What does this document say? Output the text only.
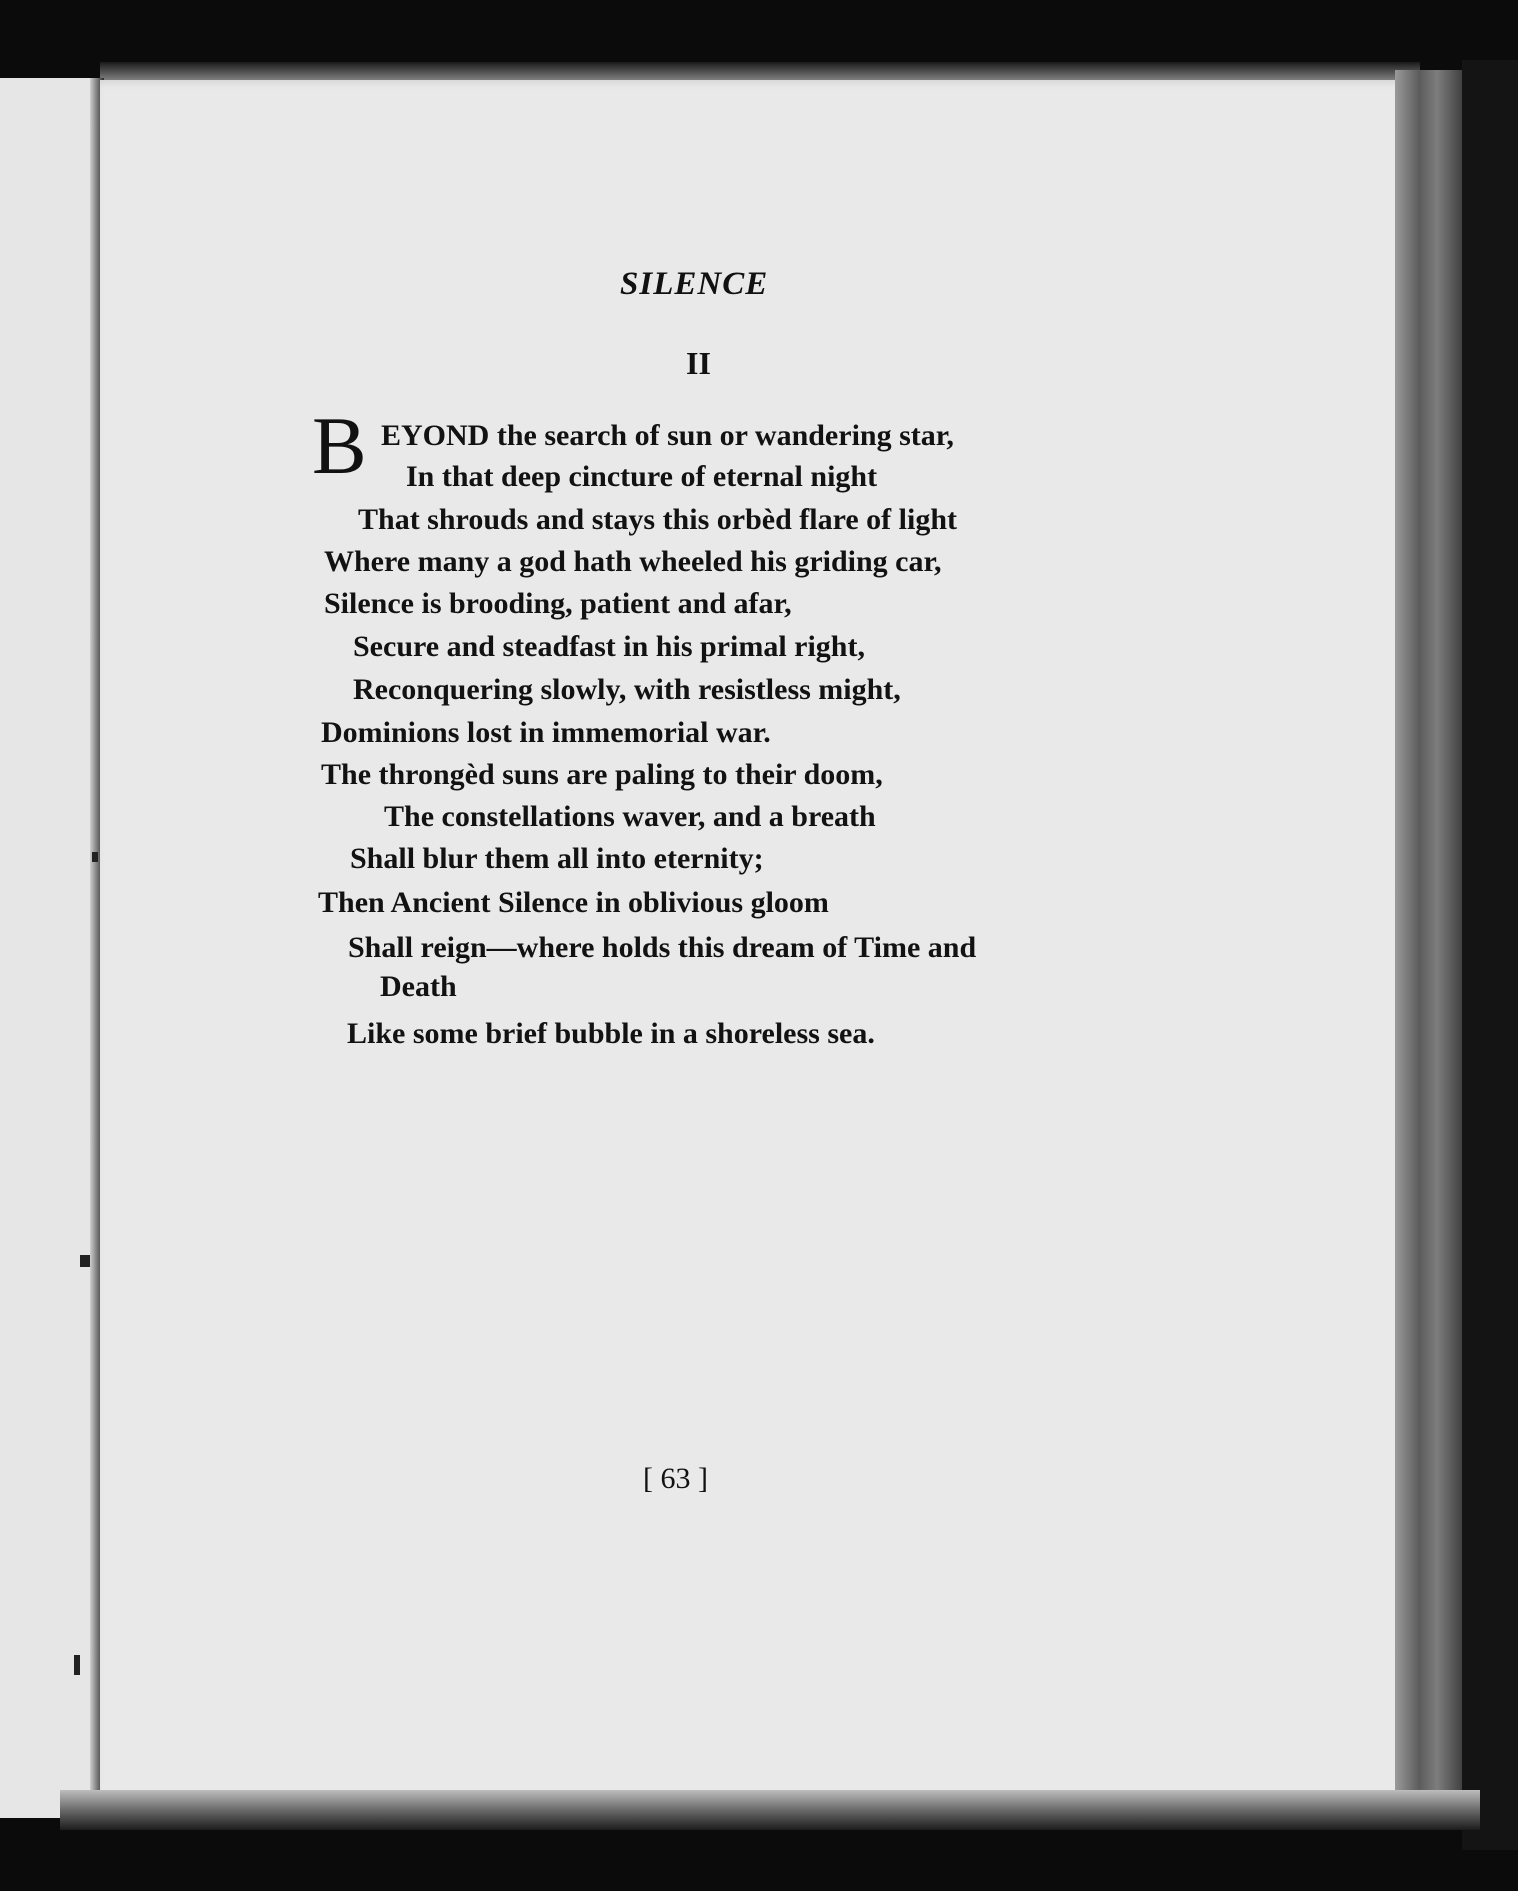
SILENCE
II
B EYOND the search of sun or wandering star,
In that deep cincture of eternal night
That shrouds and stays this orbèd flare of light
Where many a god hath wheeled his griding car,
Silence is brooding, patient and afar,
Secure and steadfast in his primal right,
Reconquering slowly, with resistless might,
Dominions lost in immemorial war.
The throngèd suns are paling to their doom,
The constellations waver, and a breath
Shall blur them all into eternity;
Then Ancient Silence in oblivious gloom
Shall reign—where holds this dream of Time and
Death
Like some brief bubble in a shoreless sea.
[ 63 ]
